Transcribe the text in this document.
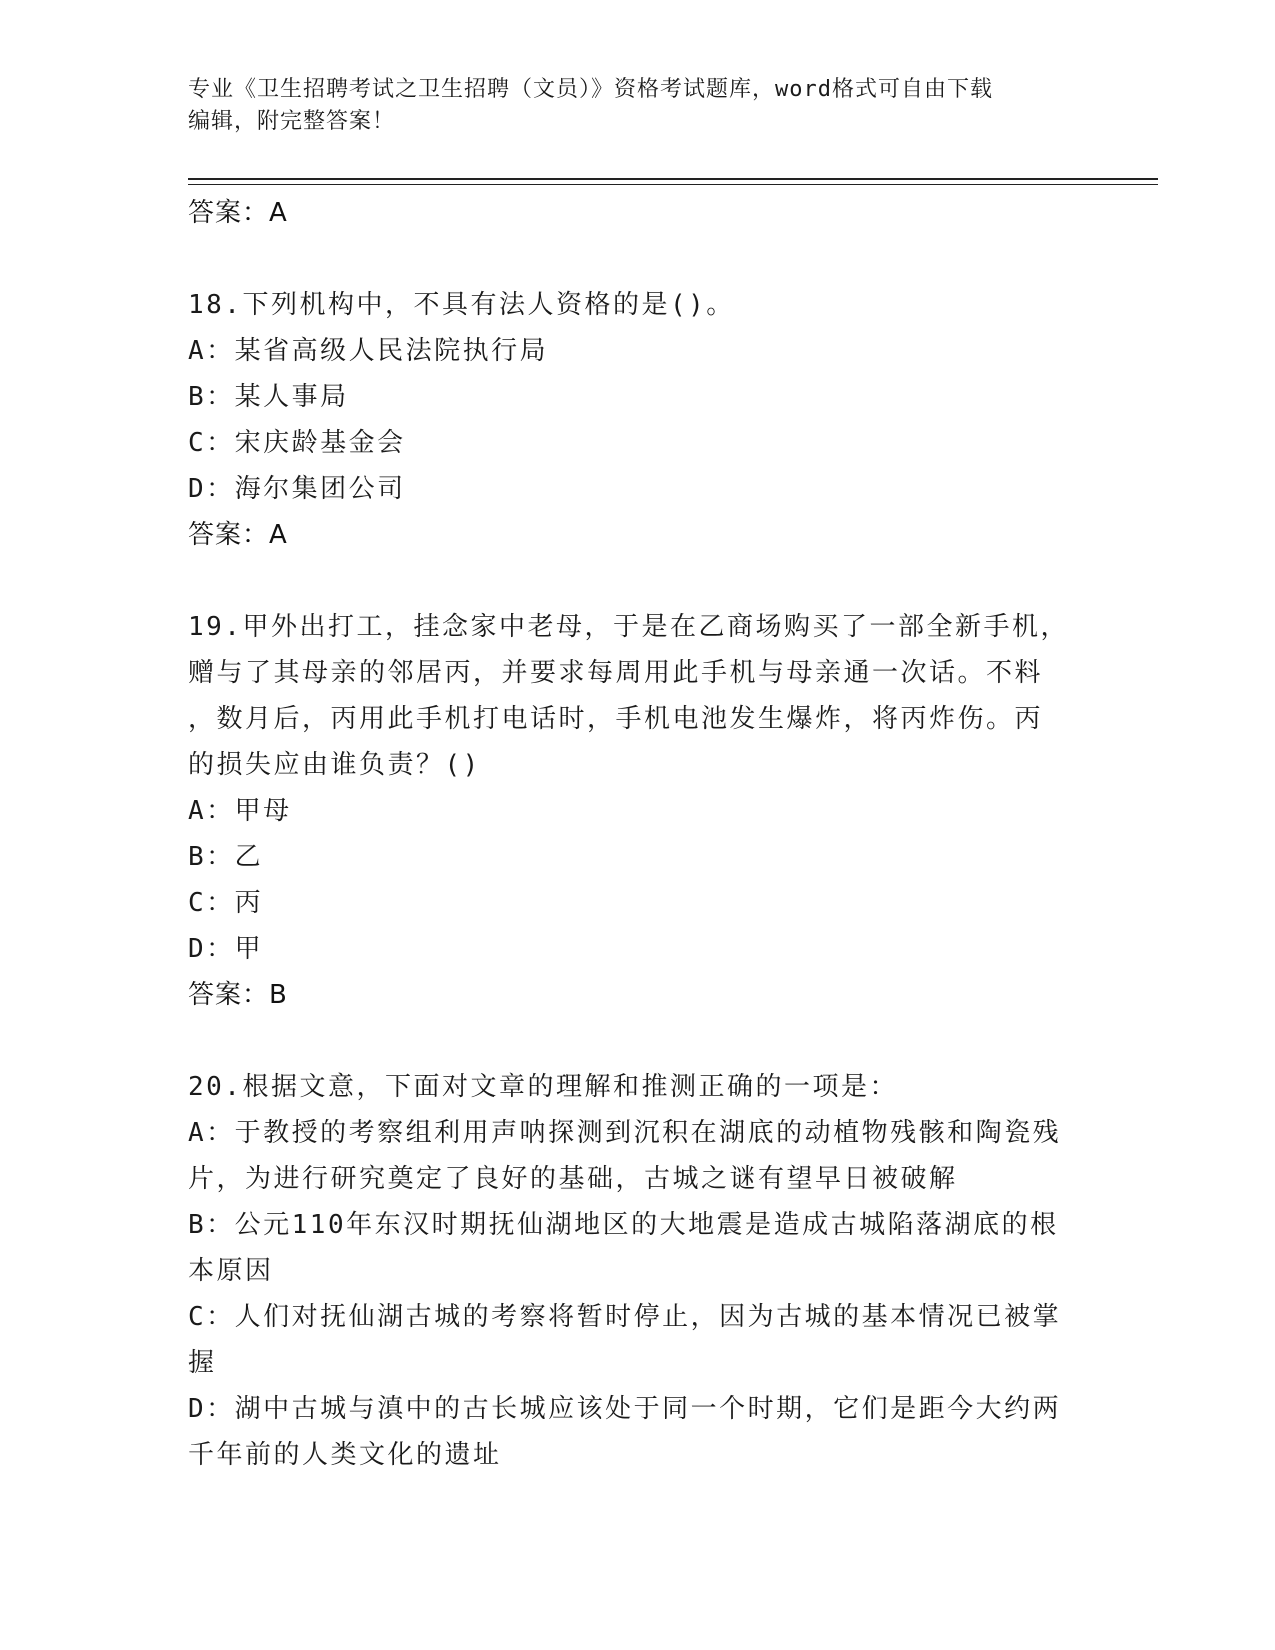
专业《卫生招聘考试之卫生招聘（文员）》资格考试题库，word格式可自由下载
编辑，附完整答案！
答案：A

18.下列机构中，不具有法人资格的是()。

A：某省高级人民法院执行局

B：某人事局

C：宋庆龄基金会

D：海尔集团公司

答案：A

19.甲外出打工，挂念家中老母，于是在乙商场购买了一部全新手机，

赠与了其母亲的邻居丙，并要求每周用此手机与母亲通一次话。不料

，数月后，丙用此手机打电话时，手机电池发生爆炸，将丙炸伤。丙

的损失应由谁负责？()

A：甲母

B：乙

C：丙

D：甲

答案：B

20.根据文意，下面对文章的理解和推测正确的一项是：

A：于教授的考察组利用声呐探测到沉积在湖底的动植物残骸和陶瓷残

片，为进行研究奠定了良好的基础，古城之谜有望早日被破解

B：公元110年东汉时期抚仙湖地区的大地震是造成古城陷落湖底的根

本原因

C：人们对抚仙湖古城的考察将暂时停止，因为古城的基本情况已被掌

握

D：湖中古城与滇中的古长城应该处于同一个时期，它们是距今大约两

千年前的人类文化的遗址
